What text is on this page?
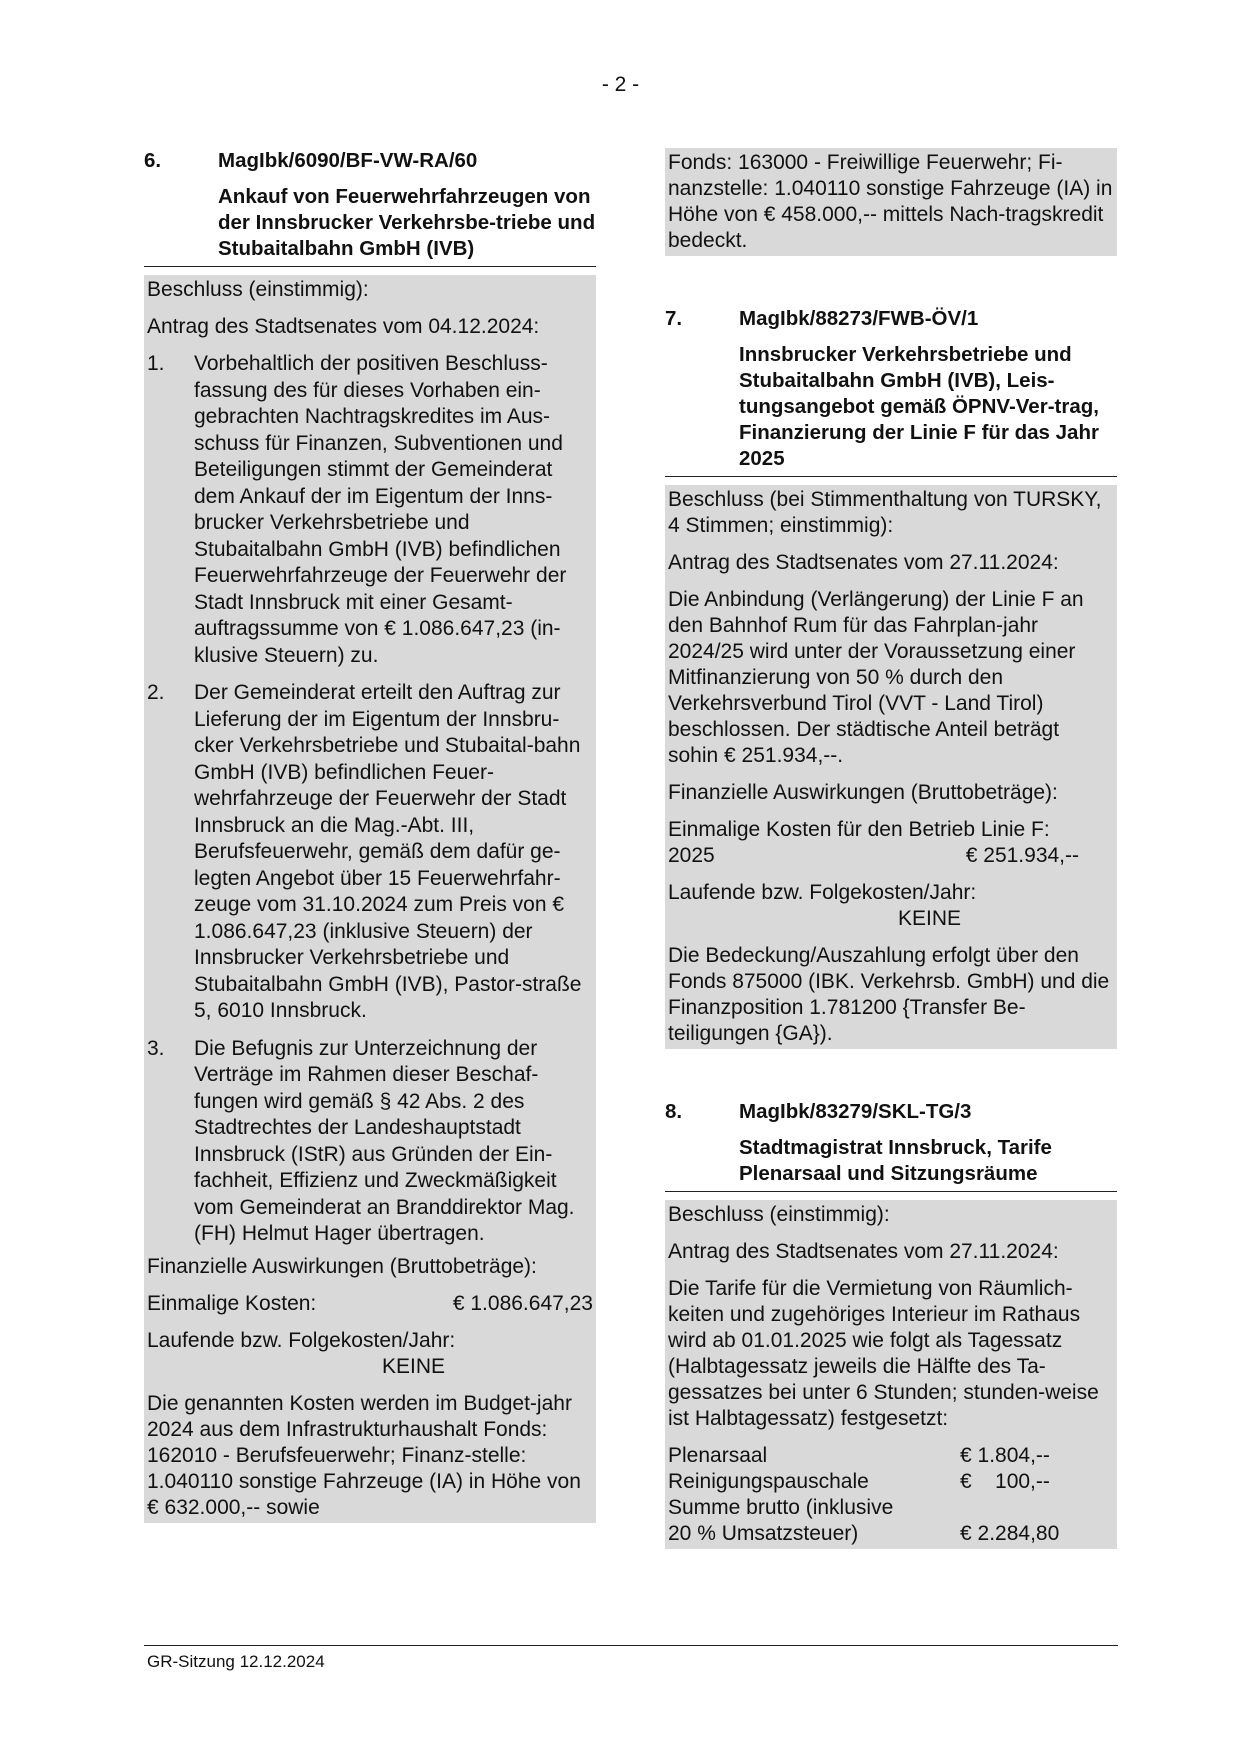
- 2 -
6.	MagIbk/6090/BF-VW-RA/60
Ankauf von Feuerwehrfahrzeugen von der Innsbrucker Verkehrsbe-triebe und Stubaitalbahn GmbH (IVB)

Beschluss (einstimmig):

Antrag des Stadtsenates vom 04.12.2024:

1.	Vorbehaltlich der positiven Beschluss-fassung des für dieses Vorhaben ein-gebrachten Nachtragskredites im Aus-schuss für Finanzen, Subventionen und Beteiligungen stimmt der Gemeinderat dem Ankauf der im Eigentum der Inns-brucker Verkehrsbetriebe und Stubaitalbahn GmbH (IVB) befindlichen Feuerwehrfahrzeuge der Feuerwehr der Stadt Innsbruck mit einer Gesamt-auftragssumme von € 1.086.647,23 (in-klusive Steuern) zu.
2.	Der Gemeinderat erteilt den Auftrag zur Lieferung der im Eigentum der Innsbru-cker Verkehrsbetriebe und Stubaital-bahn GmbH (IVB) befindlichen Feuer-wehrfahrzeuge der Feuerwehr der Stadt Innsbruck an die Mag.-Abt. III, Berufsfeuerwehr, gemäß dem dafür ge-legten Angebot über 15 Feuerwehrfahr-zeuge vom 31.10.2024 zum Preis von € 1.086.647,23 (inklusive Steuern) der Innsbrucker Verkehrsbetriebe und Stubaitalbahn GmbH (IVB), Pastor-straße 5, 6010 Innsbruck.
3.	Die Befugnis zur Unterzeichnung der Verträge im Rahmen dieser Beschaf-fungen wird gemäß § 42 Abs. 2 des Stadtrechtes der Landeshauptstadt Innsbruck (IStR) aus Gründen der Ein-fachheit, Effizienz und Zweckmäßigkeit vom Gemeinderat an Branddirektor Mag. (FH) Helmut Hager übertragen.

Finanzielle Auswirkungen (Bruttobeträge):

Einmalige Kosten:	€ 1.086.647,23

Laufende bzw. Folgekosten/Jahr:

KEINE

Die genannten Kosten werden im Budget-jahr 2024 aus dem Infrastrukturhaushalt Fonds: 162010 - Berufsfeuerwehr; Finanz-stelle: 1.040110 sonstige Fahrzeuge (IA) in Höhe von € 632.000,-- sowie

Fonds: 163000 - Freiwillige Feuerwehr; Fi-nanzstelle: 1.040110 sonstige Fahrzeuge (IA) in Höhe von € 458.000,-- mittels Nach-tragskredit bedeckt.

7.	MagIbk/88273/FWB-ÖV/1
Innsbrucker Verkehrsbetriebe und Stubaitalbahn GmbH (IVB), Leis-tungsangebot gemäß ÖPNV-Ver-trag, Finanzierung der Linie F für das Jahr 2025

Beschluss (bei Stimmenthaltung von TURSKY, 4 Stimmen; einstimmig):

Antrag des Stadtsenates vom 27.11.2024:

Die Anbindung (Verlängerung) der Linie F an den Bahnhof Rum für das Fahrplan-jahr 2024/25 wird unter der Voraussetzung einer Mitfinanzierung von 50 % durch den Verkehrsverbund Tirol (VVT - Land Tirol) beschlossen. Der städtische Anteil beträgt sohin € 251.934,--.

Finanzielle Auswirkungen (Bruttobeträge):

Einmalige Kosten für den Betrieb Linie F:

2025	€ 251.934,--

Laufende bzw. Folgekosten/Jahr:

KEINE

Die Bedeckung/Auszahlung erfolgt über den Fonds 875000 (IBK. Verkehrsb. GmbH) und die Finanzposition 1.781200 {Transfer Be-teiligungen {GA}).

8.	MagIbk/83279/SKL-TG/3
Stadtmagistrat Innsbruck, Tarife Plenarsaal und Sitzungsräume

Beschluss (einstimmig):

Antrag des Stadtsenates vom 27.11.2024:

Die Tarife für die Vermietung von Räumlich-keiten und zugehöriges Interieur im Rathaus wird ab 01.01.2025 wie folgt als Tagessatz (Halbtagessatz jeweils die Hälfte des Ta-gessatzes bei unter 6 Stunden; stunden-weise ist Halbtagessatz) festgesetzt:

Plenarsaal	€ 1.804,--
Reinigungspauschale	€    100,--
Summe brutto (inklusive
20 % Umsatzsteuer)	€ 2.284,80
GR-Sitzung 12.12.2024
